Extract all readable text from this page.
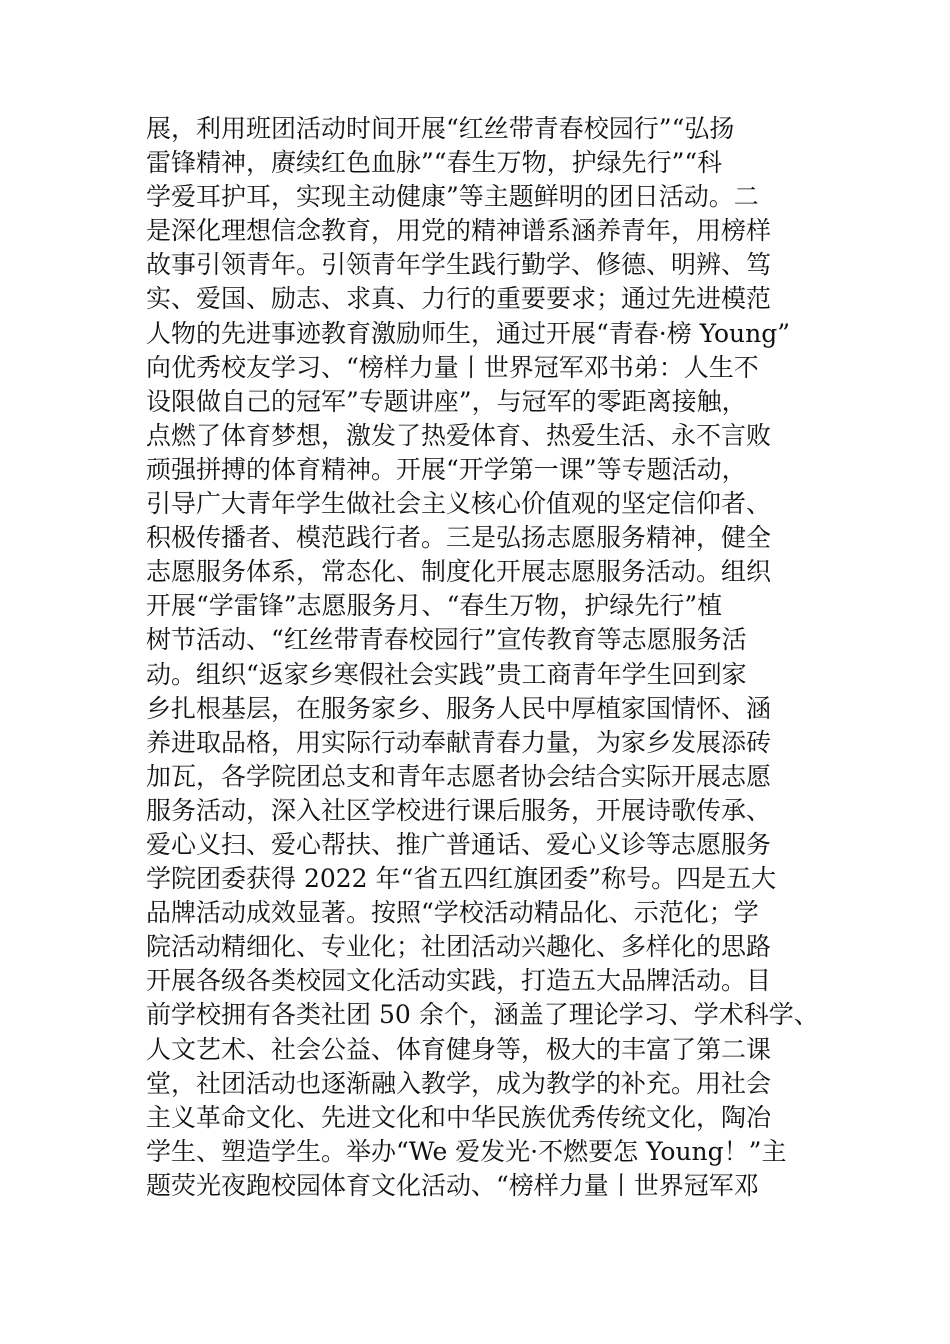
展，利用班团活动时间开展“红丝带青春校园行”“弘扬
雷锋精神，赓续红色血脉”“春生万物，护绿先行”“科
学爱耳护耳，实现主动健康”等主题鲜明的团日活动。二
是深化理想信念教育，用党的精神谱系涵养青年，用榜样
故事引领青年。引领青年学生践行勤学、修德、明辨、笃
实、爱国、励志、求真、力行的重要要求；通过先进模范
人物的先进事迹教育激励师生，通过开展“青春·榜 Young”
向优秀校友学习、“榜样力量丨世界冠军邓书弟：人生不
设限做自己的冠军”专题讲座”，与冠军的零距离接触，
点燃了体育梦想，激发了热爱体育、热爱生活、永不言败
顽强拼搏的体育精神。开展“开学第一课”等专题活动，
引导广大青年学生做社会主义核心价值观的坚定信仰者、
积极传播者、模范践行者。三是弘扬志愿服务精神，健全
志愿服务体系，常态化、制度化开展志愿服务活动。组织
开展“学雷锋”志愿服务月、“春生万物，护绿先行”植
树节活动、“红丝带青春校园行”宣传教育等志愿服务活
动。组织“返家乡寒假社会实践”贵工商青年学生回到家
乡扎根基层，在服务家乡、服务人民中厚植家国情怀、涵
养进取品格，用实际行动奉献青春力量，为家乡发展添砖
加瓦，各学院团总支和青年志愿者协会结合实际开展志愿
服务活动，深入社区学校进行课后服务，开展诗歌传承、
爱心义扫、爱心帮扶、推广普通话、爱心义诊等志愿服务
学院团委获得 2022 年“省五四红旗团委”称号。四是五大
品牌活动成效显著。按照“学校活动精品化、示范化；学
院活动精细化、专业化；社团活动兴趣化、多样化的思路
开展各级各类校园文化活动实践，打造五大品牌活动。目
前学校拥有各类社团 50 余个，涵盖了理论学习、学术科学、
人文艺术、社会公益、体育健身等，极大的丰富了第二课
堂，社团活动也逐渐融入教学，成为教学的补充。用社会
主义革命文化、先进文化和中华民族优秀传统文化，陶冶
学生、塑造学生。举办“We 爱发光·不燃要怎 Young！”主
题荧光夜跑校园体育文化活动、“榜样力量丨世界冠军邓
